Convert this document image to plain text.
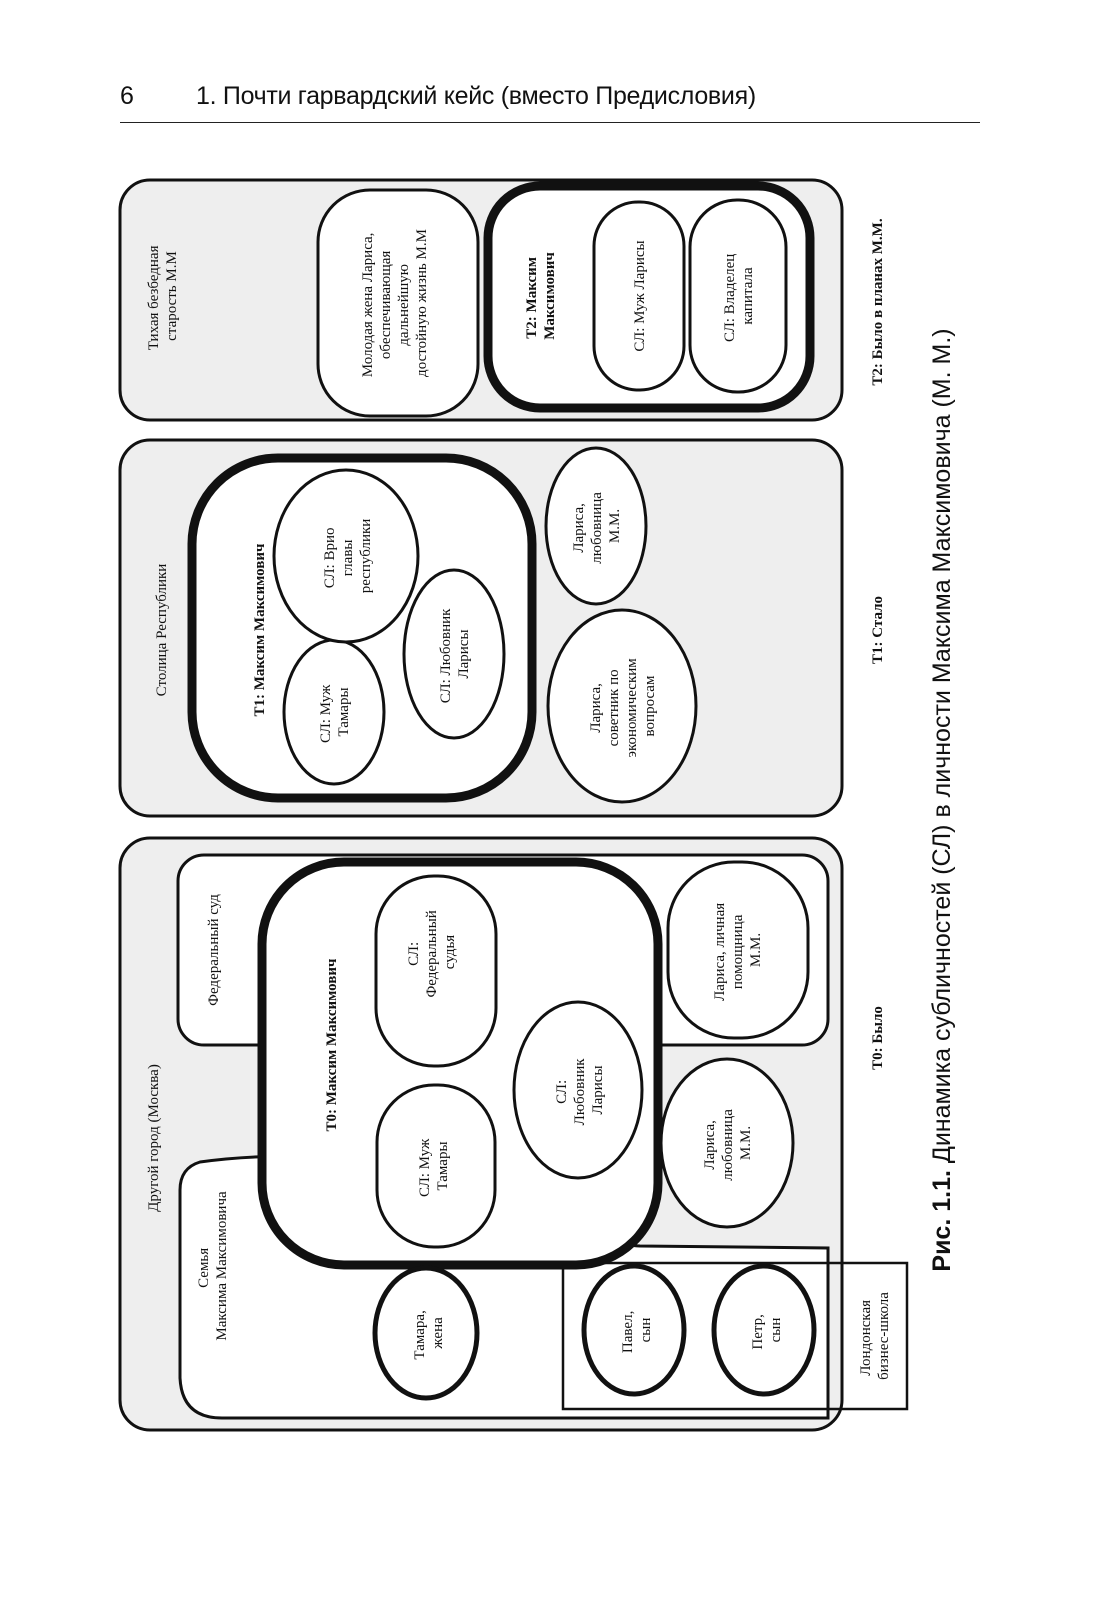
6 1. Почти гарвардский кейс (вместо Предисловия)
Другой город (Москва)
Федеральный суд
Семья Максима Максимовича
Т0: Максим Максимович
СЛ: Федеральный судья
СЛ: Муж Тамары
СЛ: Любовник Ларисы
Лариса, личная помощница М.М.
Лариса, любовница М.М.
Тамара, жена	Павел, сын	Петр, сын	Лондонская бизнес-школа
Т0: Было
Столица Республики	Т1: Максим Максимович	СЛ: Муж Тамары
СЛ: Любовник Ларисы
СЛ: Врио главы республики
Лариса, советник по экономическим вопросам
Лариса, любовница М.М.
Т1: Стало
Тихая безбедная старость М.М	Молодая жена Лариса, обеспечивающая дальнейшую достойную жизнь М.М	Т2: Максим Максимович	СЛ: Муж Ларисы	СЛ: Владелец капитала	Т2: Было в планах М.М.
Рис. 1.1. Динамика субличностей (СЛ) в личности Максима Максимовича (М. М.)
